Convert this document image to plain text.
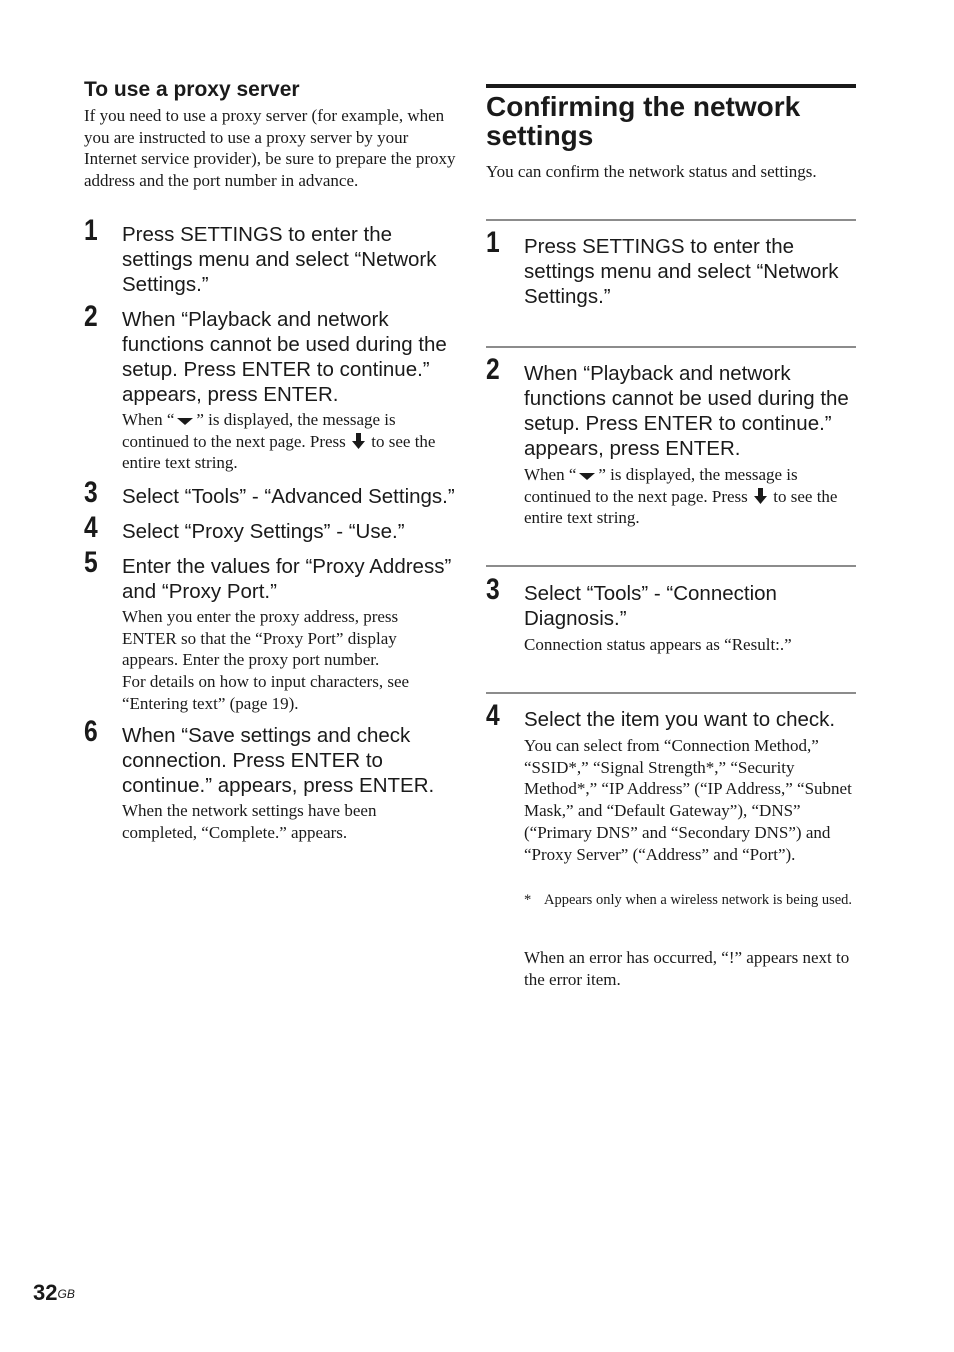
To use a proxy server
If you need to use a proxy server (for example, when you are instructed to use a proxy server by your Internet service provider), be sure to prepare the proxy address and the port number in advance.
1 Press SETTINGS to enter the settings menu and select “Network Settings.”
2 When “Playback and network functions cannot be used during the setup. Press ENTER to continue.” appears, press ENTER.
When “ ” is displayed, the message is continued to the next page. Press  to see the entire text string.
3 Select “Tools” - “Advanced Settings.”
4 Select “Proxy Settings” - “Use.”
5 Enter the values for “Proxy Address” and “Proxy Port.”
When you enter the proxy address, press ENTER so that the “Proxy Port” display appears. Enter the proxy port number.
For details on how to input characters, see “Entering text” (page 19).
6 When “Save settings and check connection. Press ENTER to continue.” appears, press ENTER.
When the network settings have been completed, “Complete.” appears.
Confirming the network settings
You can confirm the network status and settings.
1 Press SETTINGS to enter the settings menu and select “Network Settings.”
2 When “Playback and network functions cannot be used during the setup. Press ENTER to continue.” appears, press ENTER.
When “ ” is displayed, the message is continued to the next page. Press  to see the entire text string.
3 Select “Tools” - “Connection Diagnosis.”
Connection status appears as “Result:.”
4 Select the item you want to check.
You can select from “Connection Method,” “SSID*,” “Signal Strength*,” “Security Method*,” “IP Address” (“IP Address,” “Subnet Mask,” and “Default Gateway”), “DNS” (“Primary DNS” and “Secondary DNS”) and “Proxy Server” (“Address” and “Port”).
* Appears only when a wireless network is being used.
When an error has occurred, “!” appears next to the error item.
$32^{GB}$
